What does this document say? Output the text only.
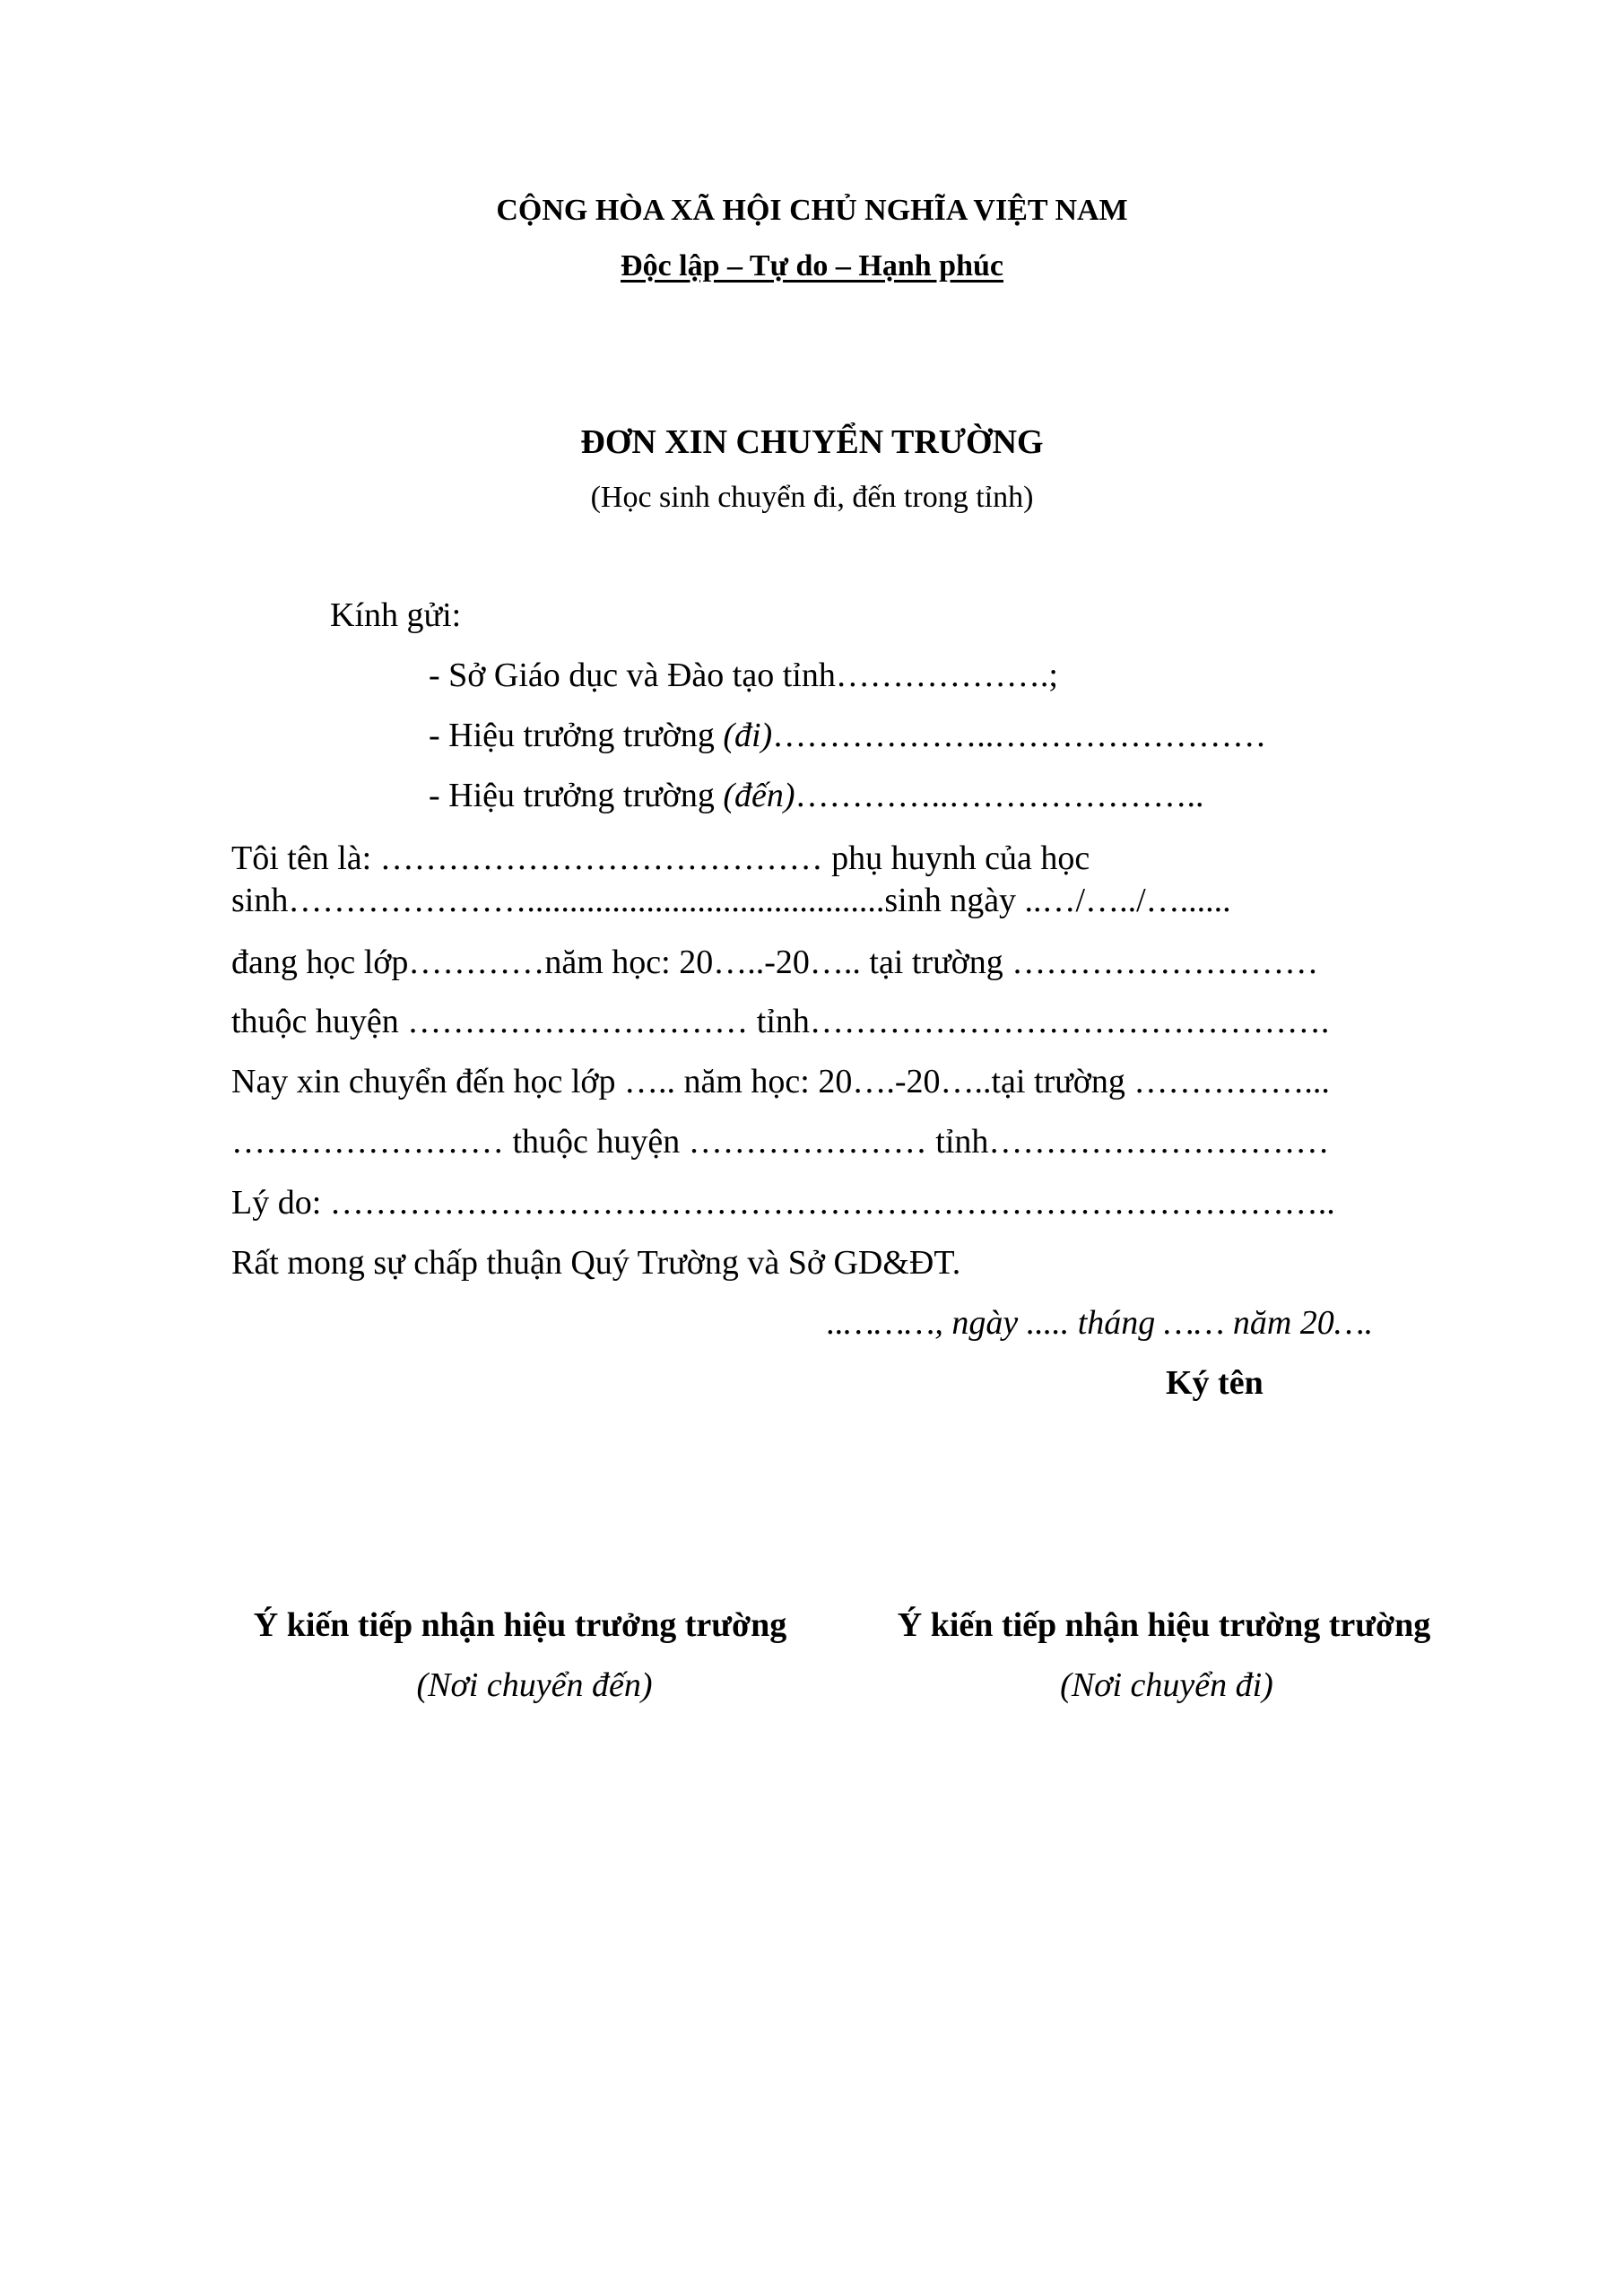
CỘNG HÒA XÃ HỘI CHỦ NGHĨA VIỆT NAM
Độc lập – Tự do – Hạnh phúc
ĐƠN XIN CHUYỂN TRƯỜNG
(Học sinh chuyển đi, đến trong tỉnh)
Kính gửi:
- Sở Giáo dục và Đào tạo tỉnh……………….;
- Hiệu trưởng trường (đi)………………..……………………
- Hiệu trưởng trường (đến)…………..…………………..
Tôi tên là: ………………………………… phụ huynh của học
sinh…………………..........................................sinh ngày ..…/…../…......
đang học lớp…………năm học: 20…..-20….. tại trường ………………………
thuộc huyện ………………………… tỉnh……………………………………….
Nay xin chuyển đến học lớp ….. năm học: 20….-20…..tại trường ……………...
…………………… thuộc huyện ………………… tỉnh…………………………
Lý do: ……………………………………………………………………………..
Rất mong sự chấp thuận Quý Trường và Sở GD&ĐT.
..………, ngày ..... tháng …… năm 20….
Ký tên
Ý kiến tiếp nhận hiệu trưởng trường
(Nơi chuyển đến)
Ý kiến tiếp nhận hiệu trường trường
(Nơi chuyển đi)
